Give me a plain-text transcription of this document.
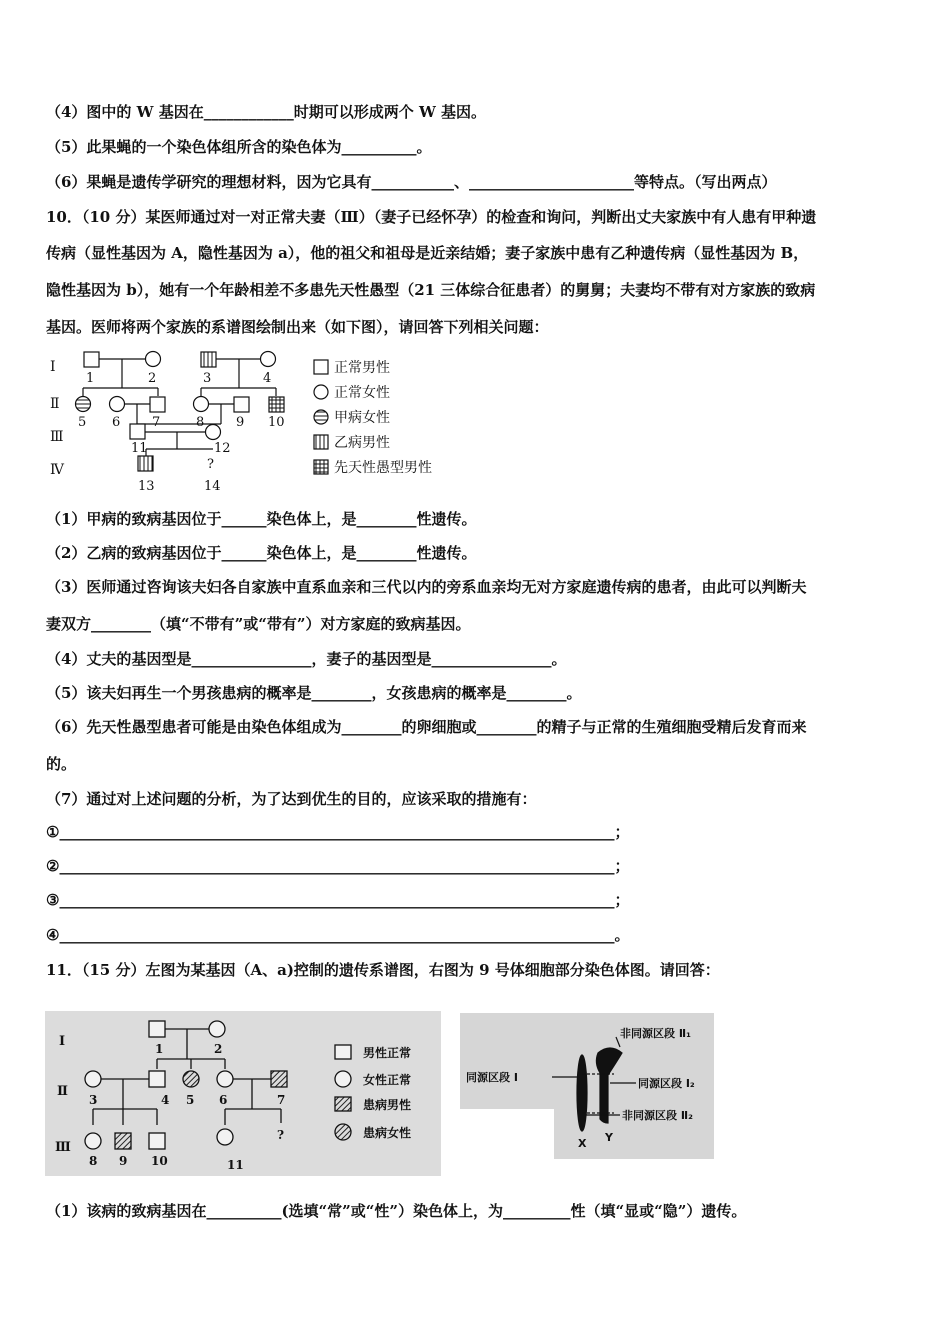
（4）图中的 W 基因在____________时期可以形成两个 W 基因。
（5）此果蝇的一个染色体组所含的染色体为__________。
（6）果蝇是遗传学研究的理想材料，因为它具有___________、______________________等特点。（写出两点）
10．（10 分）某医师通过对一对正常夫妻（Ⅲ）（妻子已经怀孕）的检查和询问，判断出丈夫家族中有人患有甲种遗
传病（显性基因为 A，隐性基因为 a），他的祖父和祖母是近亲结婚；妻子家族中患有乙种遗传病（显性基因为 B，
隐性基因为 b），她有一个年龄相差不多患先天性愚型（21 三体综合征患者）的舅舅；夫妻均不带有对方家族的致病
基因。医师将两个家族的系谱图绘制出来（如下图），请回答下列相关问题：
Ⅰ
Ⅱ
Ⅲ
Ⅳ
1	2	3	4
5 6 7	8 9 10
11	12
13
?
14
正常男性
正常女性
甲病女性
乙病男性
先天性愚型男性
（1）甲病的致病基因位于______染色体上，是________性遗传。
（2）乙病的致病基因位于______染色体上，是________性遗传。
（3）医师通过咨询该夫妇各自家族中直系血亲和三代以内的旁系血亲均无对方家庭遗传病的患者，由此可以判断夫
妻双方________（填“不带有”或“带有”）对方家庭的致病基因。
（4）丈夫的基因型是________________，妻子的基因型是________________。
（5）该夫妇再生一个男孩患病的概率是________，女孩患病的概率是________。
（6）先天性愚型患者可能是由染色体组成为________的卵细胞或________的精子与正常的生殖细胞受精后发育而来
的。
（7）通过对上述问题的分析，为了达到优生的目的，应该采取的措施有：
①__________________________________________________________________________；
②__________________________________________________________________________；
③__________________________________________________________________________；
④__________________________________________________________________________。
11．（15 分）左图为某基因（A、a)控制的遗传系谱图，右图为 9 号体细胞部分染色体图。请回答：
Ⅰ
Ⅱ
Ⅲ
1	2
3	4 5 6	7
8 9 10	11
?
男性正常
女性正常
患病男性
患病女性
非同源区段 Ⅱ₁
同源区段 Ⅰ	同源区段 Ⅰ₂
非同源区段 Ⅱ₂
X Y
（1）该病的致病基因在__________(选填“常”或“性”）染色体上，为_________性（填“显或“隐”）遗传。
